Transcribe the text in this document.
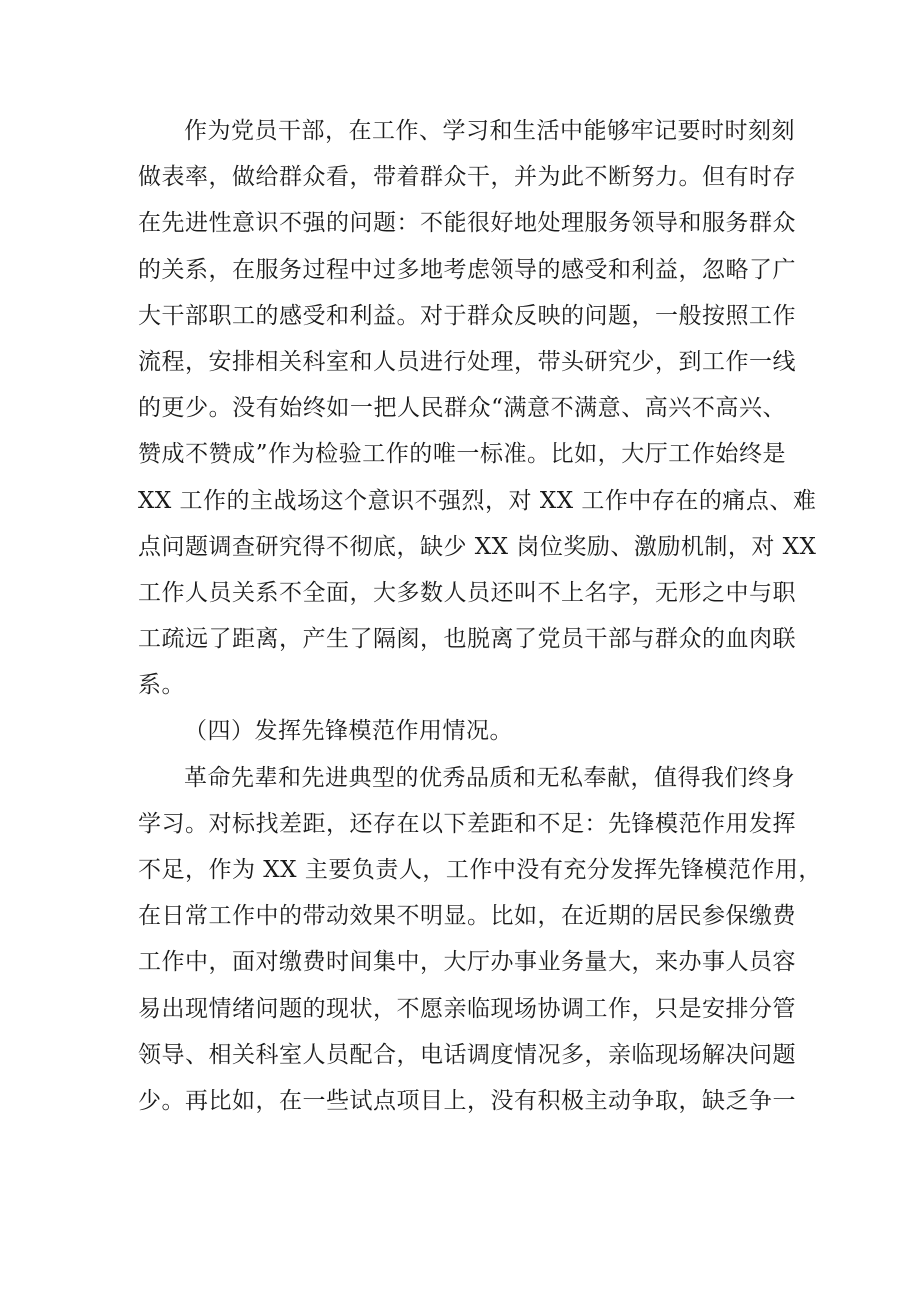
作为党员干部，在工作、学习和生活中能够牢记要时时刻刻
做表率，做给群众看，带着群众干，并为此不断努力。但有时存
在先进性意识不强的问题：不能很好地处理服务领导和服务群众
的关系，在服务过程中过多地考虑领导的感受和利益，忽略了广
大干部职工的感受和利益。对于群众反映的问题，一般按照工作
流程，安排相关科室和人员进行处理，带头研究少，到工作一线
的更少。没有始终如一把人民群众“满意不满意、高兴不高兴、
赞成不赞成”作为检验工作的唯一标准。比如，大厅工作始终是
XX 工作的主战场这个意识不强烈，对 XX 工作中存在的痛点、难
点问题调查研究得不彻底，缺少 XX 岗位奖励、激励机制，对 XX
工作人员关系不全面，大多数人员还叫不上名字，无形之中与职
工疏远了距离，产生了隔阂，也脱离了党员干部与群众的血肉联
系。
（四）发挥先锋模范作用情况。
革命先辈和先进典型的优秀品质和无私奉献，值得我们终身
学习。对标找差距，还存在以下差距和不足：先锋模范作用发挥
不足，作为 XX 主要负责人，工作中没有充分发挥先锋模范作用，
在日常工作中的带动效果不明显。比如，在近期的居民参保缴费
工作中，面对缴费时间集中，大厅办事业务量大，来办事人员容
易出现情绪问题的现状，不愿亲临现场协调工作，只是安排分管
领导、相关科室人员配合，电话调度情况多，亲临现场解决问题
少。再比如，在一些试点项目上，没有积极主动争取，缺乏争一
